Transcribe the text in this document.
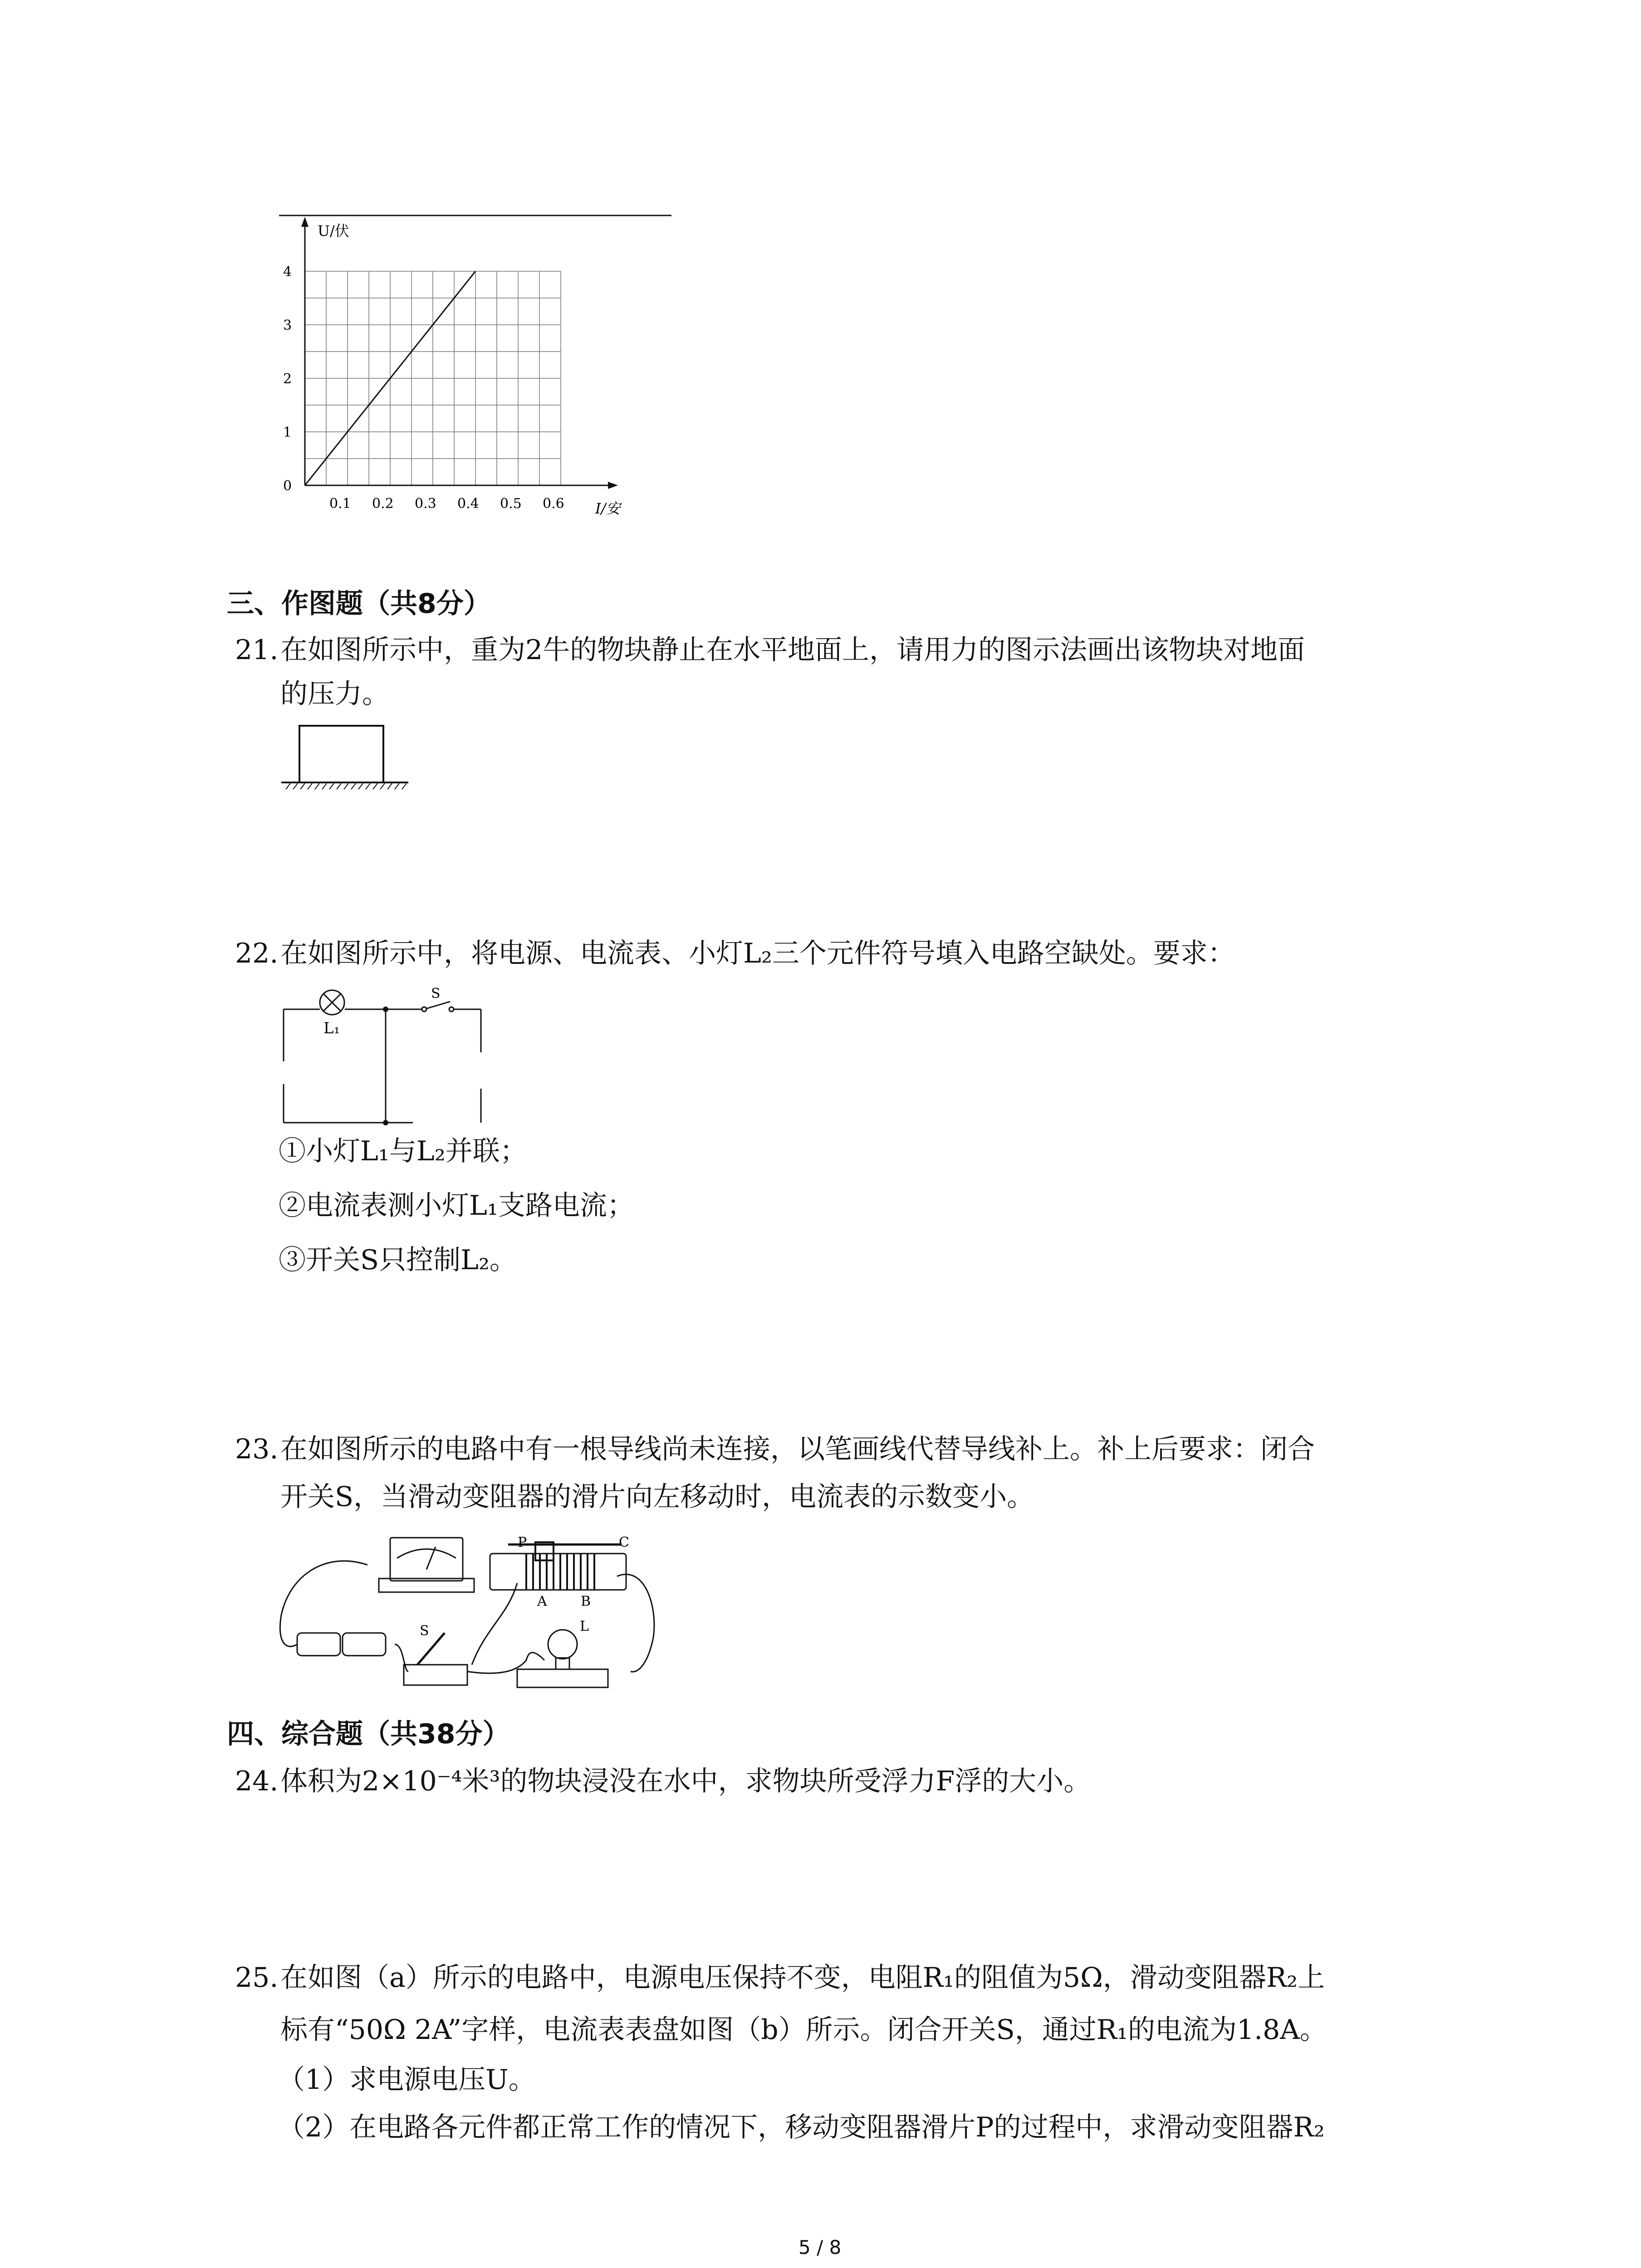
0
1
2
3
4
0.1 0.2 0.3 0.4 0.5 0.6
U/伏
I/安
三、作图题（共8分）
21. 在如图所示中，重为2牛的物块静止在水平地面上，请用力的图示法画出该物块对地面
的压力。
22. 在如图所示中，将电源、电流表、小灯L₂三个元件符号填入电路空缺处。要求：
L₁
S
①小灯L₁与L₂并联；
②电流表测小灯L₁支路电流；
③开关S只控制L₂。
23. 在如图所示的电路中有一根导线尚未连接，以笔画线代替导线补上。补上后要求：闭合
开关S，当滑动变阻器的滑片向左移动时，电流表的示数变小。
P	C
A B
S	L
四、综合题（共38分）
24. 体积为2×10⁻⁴米³的物块浸没在水中，求物块所受浮力F浮的大小。
25. 在如图（a）所示的电路中，电源电压保持不变，电阻R₁的阻值为5Ω，滑动变阻器R₂上
标有“50Ω 2A”字样，电流表表盘如图（b）所示。闭合开关S，通过R₁的电流为1.8A。
（1）求电源电压U。
（2）在电路各元件都正常工作的情况下，移动变阻器滑片P的过程中，求滑动变阻器R₂
5 / 8
